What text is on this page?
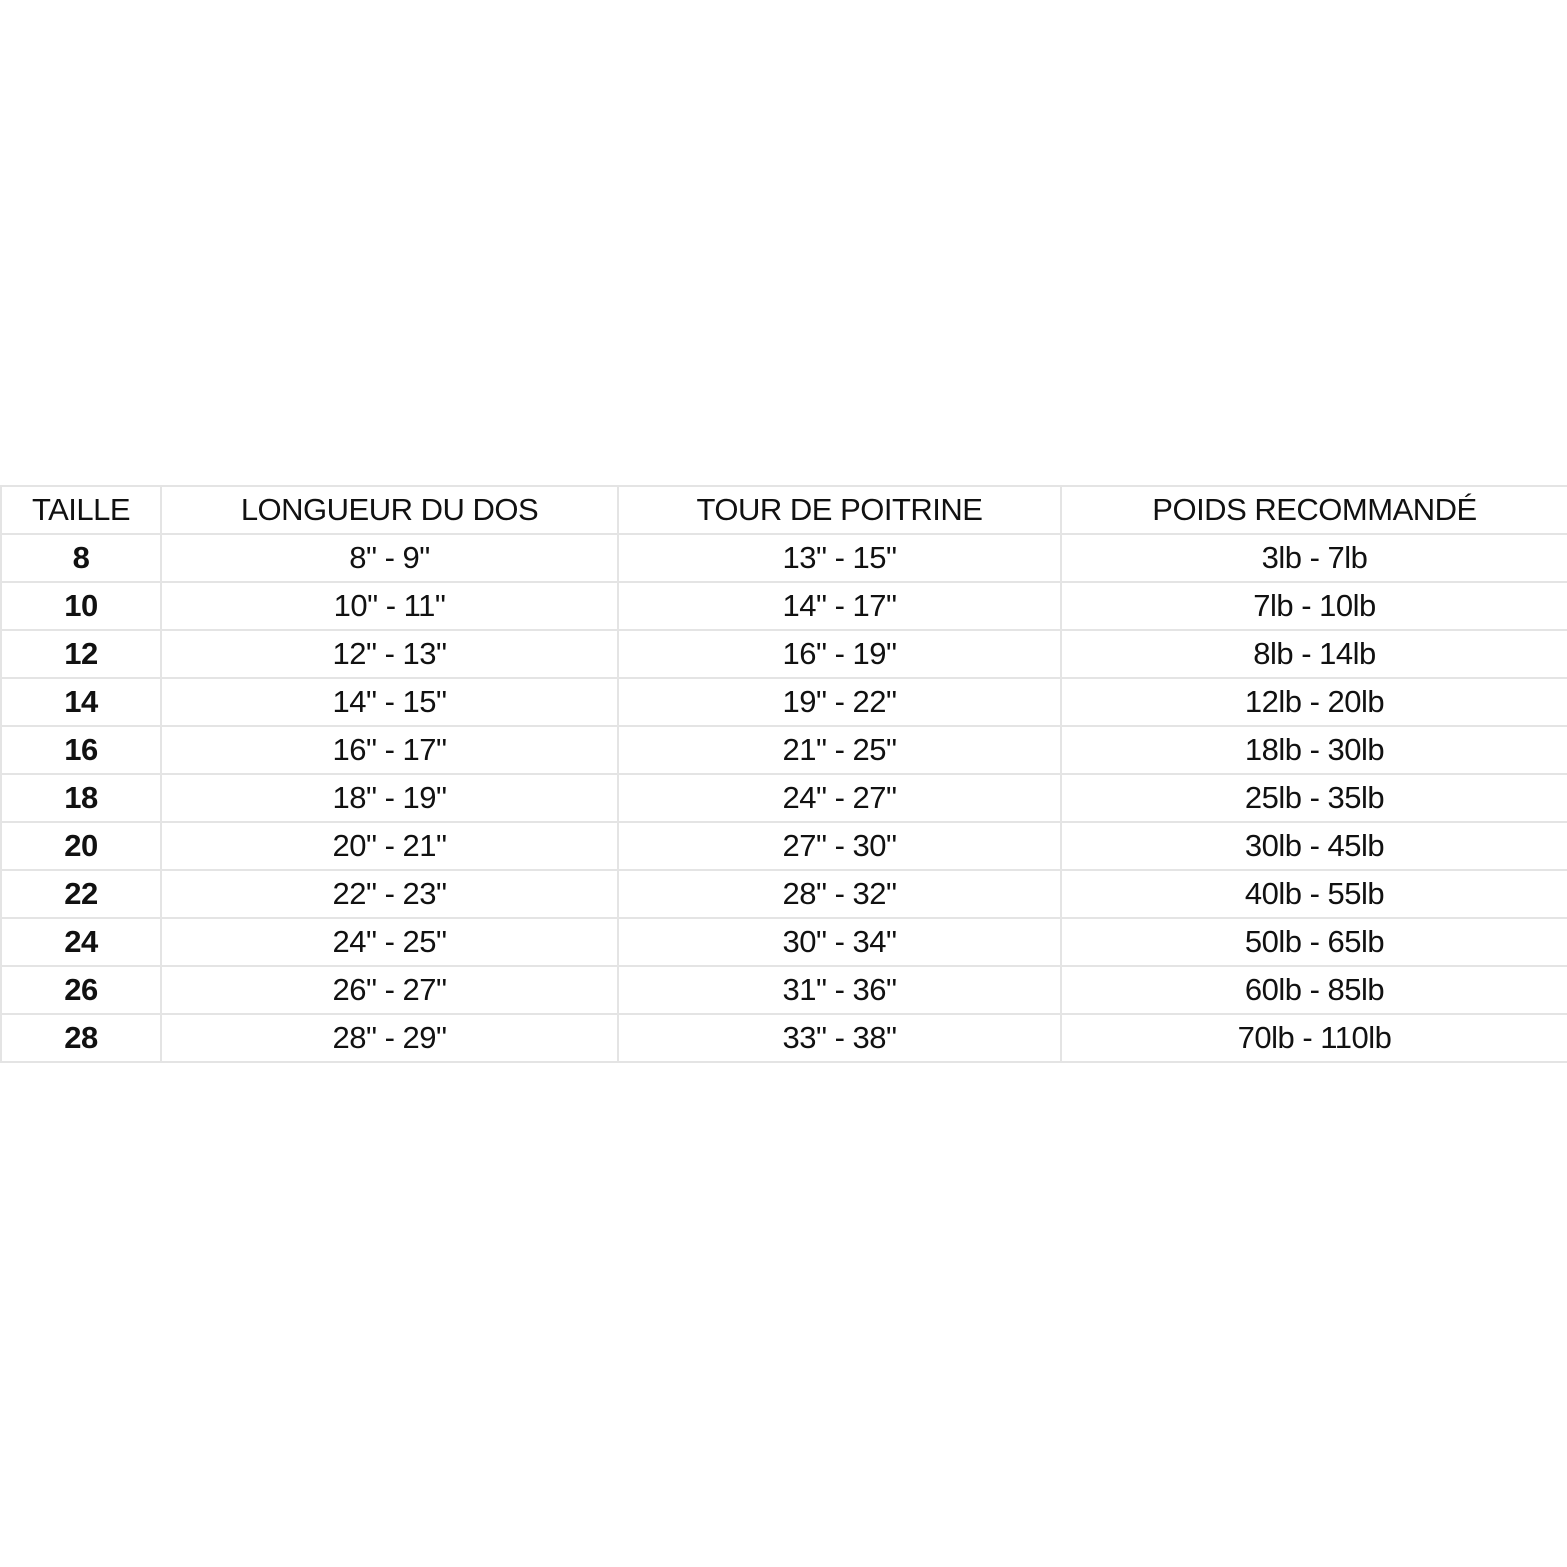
TAILLE	LONGUEUR DU DOS	TOUR DE POITRINE	POIDS RECOMMANDÉ
8	8" - 9"	13" - 15"	3lb - 7lb
10	10" - 11"	14" - 17"	7lb - 10lb
12	12" - 13"	16" - 19"	8lb - 14lb
14	14" - 15"	19" - 22"	12lb - 20lb
16	16" - 17"	21" - 25"	18lb - 30lb
18	18" - 19"	24" - 27"	25lb - 35lb
20	20" - 21"	27" - 30"	30lb - 45lb
22	22" - 23"	28" - 32"	40lb - 55lb
24	24" - 25"	30" - 34"	50lb - 65lb
26	26" - 27"	31" - 36"	60lb - 85lb
28	28" - 29"	33" - 38"	70lb - 110lb
